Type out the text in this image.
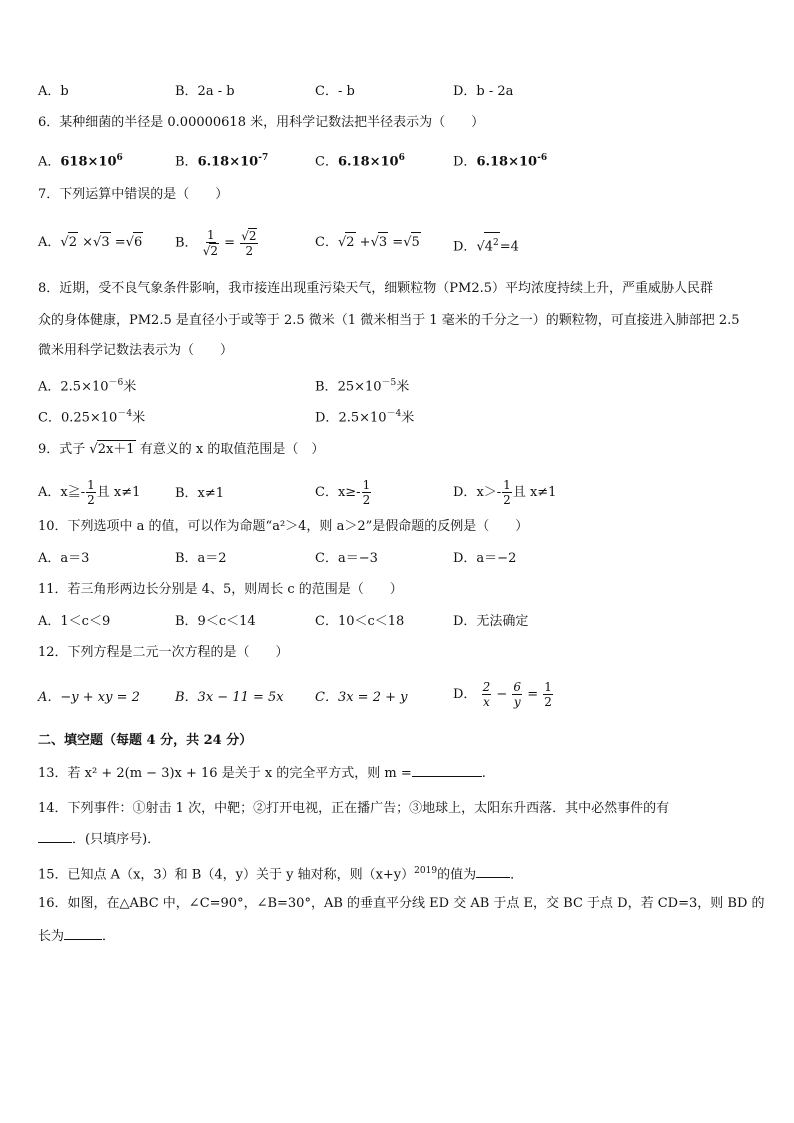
A．b	B．2a - b	C．- b	D．b - 2a
6．某种细菌的半径是 0.00000618 米，用科学记数法把半径表示为（　　）
A．$618\times 10^6$	B．$6.18\times 10^{-7}$	C．$6.18\times 10^6$	D．$6.18\times 10^{-6}$
7．下列运算中错误的是（　　）
A．√2 ×√3 =√6	B． $\frac{1}{√2} = \frac{√2}{2}$	C．√2 +√3 =√5	D．$√4^2=4$
8．近期，受不良气象条件影响，我市接连出现重污染天气，细颗粒物（PM2.5）平均浓度持续上升，严重威胁人民群
众的身体健康，PM2.5 是直径小于或等于 2.5 微米（1 微米相当于 1 毫米的千分之一）的颗粒物，可直接进入肺部把 2.5
微米用科学记数法表示为（　　）
A．$2.5\times 10^{-6}$米	B．$25\times 10^{-5}$米
C．$0.25\times 10^{-4}$米	D．$2.5\times 10^{-4}$米
9．式子 √2x＋1 有意义的 x 的取值范围是（　）
A．x≧- $\frac{1}{2}$ 且 x≠1	B．x≠1	C．$x\ge- \frac{1}{2}$	D．$x>- \frac{1}{2}$ 且 x≠1
10．下列选项中 a 的值，可以作为命题“a²＞4，则 a＞2”是假命题的反例是（　　）
A．a＝3	B．a＝2	C．a＝−3	D．a＝−2
11．若三角形两边长分别是 4、5，则周长 c 的范围是（　　）
A．1＜c＜9	B．9＜c＜14	C．10＜c＜18	D．无法确定
12．下列方程是二元一次方程的是（　　）
A．−y + xy = 2	B．3x − 11 = 5x C．3x = 2 + y	D． $\frac{2}{x} - \frac{6}{y} = \frac{1}{2}$
二、填空题（每题 4 分，共 24 分）
13．若 x² + 2(m − 3)x + 16 是关于 x 的完全平方式，则 m =	.
14．下列事件：①射击 1 次，中靶；②打开电视，正在播广告；③地球上，太阳东升西落．其中必然事件的有
．(只填序号)．
15．已知点 A（x，3）和 B（4，y）关于 y 轴对称，则$(x+y)^{2019}$的值为	．
16．如图，在△ABC 中，∠C=90°，∠B=30°，AB 的垂直平分线 ED 交 AB 于点 E，交 BC 于点 D，若 CD=3，则 BD 的
长为	．
